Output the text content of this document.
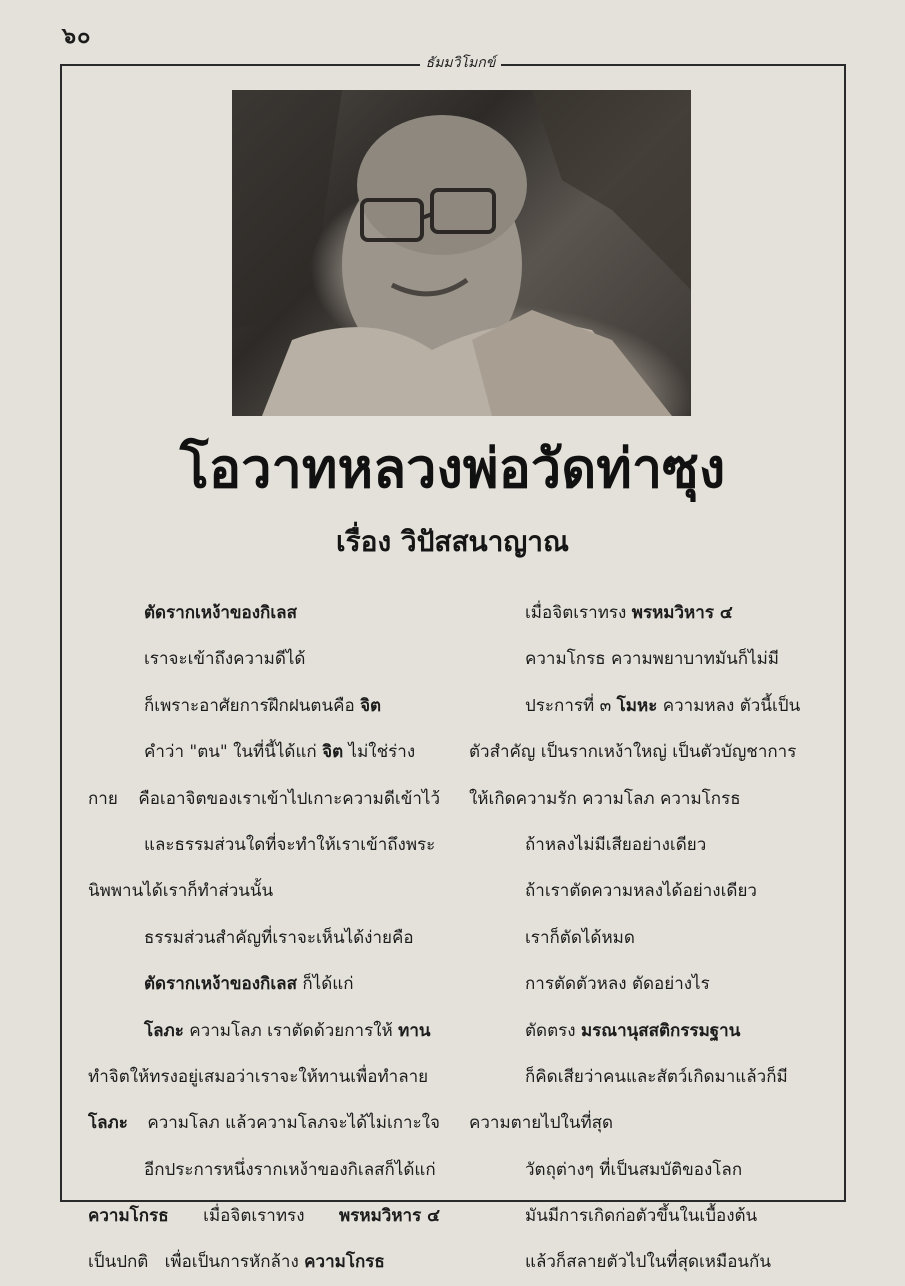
๖๐
ธัมมวิโมกข์
โอวาทหลวงพ่อวัดท่าซุง
เรื่อง วิปัสสนาญาณ
ตัดรากเหง้าของกิเลส
เราจะเข้าถึงความดีได้
ก็เพราะอาศัยการฝึกฝนตนคือ จิต
คำว่า "ตน" ในที่นี้ได้แก่ จิต ไม่ใช่ร่าง
กาย คือเอาจิตของเราเข้าไปเกาะความดีเข้าไว้
และธรรมส่วนใดที่จะทำให้เราเข้าถึงพระ
นิพพานได้เราก็ทำส่วนนั้น
ธรรมส่วนสำคัญที่เราจะเห็นได้ง่ายคือ
ตัดรากเหง้าของกิเลส ก็ได้แก่
โลภะ ความโลภ เราตัดด้วยการให้ ทาน
ทำจิตให้ทรงอยู่เสมอว่าเราจะให้ทานเพื่อทำลาย
โลภะ ความโลภ แล้วความโลภจะได้ไม่เกาะใจ
อีกประการหนึ่งรากเหง้าของกิเลสก็ได้แก่
ความโกรธ เมื่อจิตเราทรง พรหมวิหาร ๔
เป็นปกติ เพื่อเป็นการหักล้าง ความโกรธ
เมื่อจิตเราทรง พรหมวิหาร ๔
ความโกรธ ความพยาบาทมันก็ไม่มี
ประการที่ ๓ โมหะ ความหลง ตัวนี้เป็น
ตัวสำคัญ เป็นรากเหง้าใหญ่ เป็นตัวบัญชาการ
ให้เกิดความรัก ความโลภ ความโกรธ
ถ้าหลงไม่มีเสียอย่างเดียว
ถ้าเราตัดความหลงได้อย่างเดียว
เราก็ตัดได้หมด
การตัดตัวหลง ตัดอย่างไร
ตัดตรง มรณานุสสติกรรมฐาน
ก็คิดเสียว่าคนและสัตว์เกิดมาแล้วก็มี
ความตายไปในที่สุด
วัตถุต่างๆ ที่เป็นสมบัติของโลก
มันมีการเกิดก่อตัวขึ้นในเบื้องต้น
แล้วก็สลายตัวไปในที่สุดเหมือนกัน
